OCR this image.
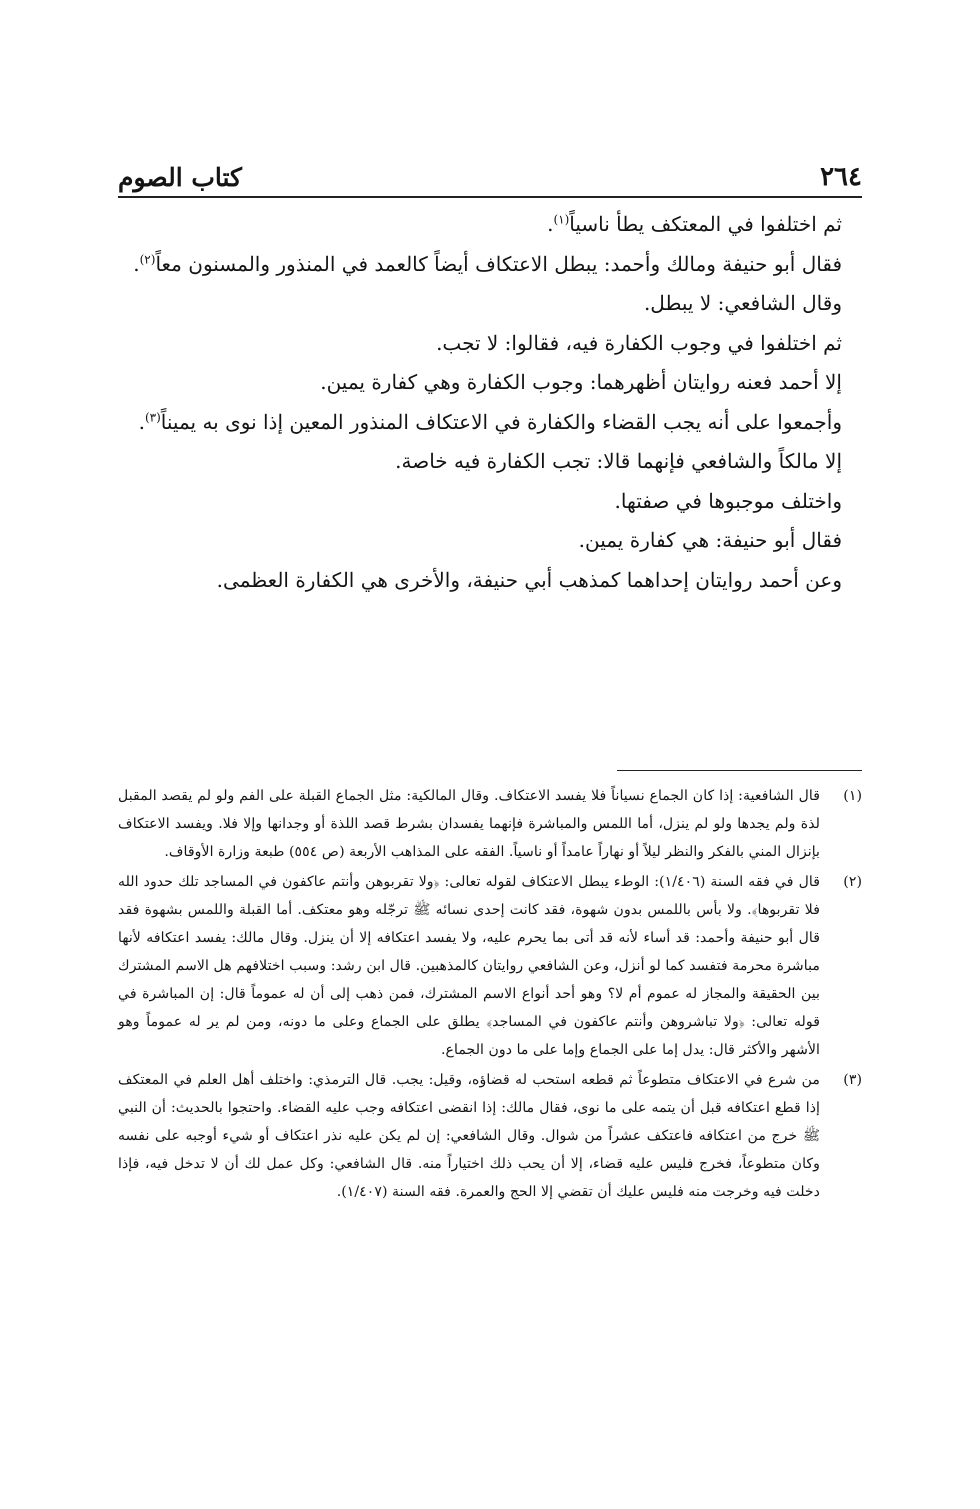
٢٦٤
كتاب الصوم

ثم اختلفوا في المعتكف يطأ ناسياً$^{(١)}$.

فقال أبو حنيفة ومالك وأحمد: يبطل الاعتكاف أيضاً كالعمد في المنذور والمسنون معاً$^{(٢)}$.

وقال الشافعي: لا يبطل.

ثم اختلفوا في وجوب الكفارة فيه، فقالوا: لا تجب.

إلا أحمد فعنه روايتان أظهرهما: وجوب الكفارة وهي كفارة يمين.

وأجمعوا على أنه يجب القضاء والكفارة في الاعتكاف المنذور المعين إذا نوى به يميناً$^{(٣)}$.

إلا مالكاً والشافعي فإنهما قالا: تجب الكفارة فيه خاصة.

واختلف موجبوها في صفتها.

فقال أبو حنيفة: هي كفارة يمين.

وعن أحمد روايتان إحداهما كمذهب أبي حنيفة، والأخرى هي الكفارة العظمى.

(١)

قال الشافعية: إذا كان الجماع نسياناً فلا يفسد الاعتكاف. وقال المالكية: مثل الجماع القبلة على الفم ولو لم يقصد المقبل لذة ولم يجدها ولو لم ينزل، أما اللمس والمباشرة فإنهما يفسدان بشرط قصد اللذة أو وجدانها وإلا فلا. ويفسد الاعتكاف بإنزال المني بالفكر والنظر ليلاً أو نهاراً عامداً أو ناسياً. الفقه على المذاهب الأربعة (ص ٥٥٤) طبعة وزارة الأوقاف.

(٢)

قال في فقه السنة (١/٤٠٦): الوطء يبطل الاعتكاف لقوله تعالى: ﴿ولا تقربوهن وأنتم عاكفون في المساجد تلك حدود الله فلا تقربوها﴾. ولا بأس باللمس بدون شهوة، فقد كانت إحدى نسائه ﷺ ترجّله وهو معتكف. أما القبلة واللمس بشهوة فقد قال أبو حنيفة وأحمد: قد أساء لأنه قد أتى بما يحرم عليه، ولا يفسد اعتكافه إلا أن ينزل. وقال مالك: يفسد اعتكافه لأنها مباشرة محرمة فتفسد كما لو أنزل، وعن الشافعي روايتان كالمذهبين. قال ابن رشد: وسبب اختلافهم هل الاسم المشترك بين الحقيقة والمجاز له عموم أم لا؟ وهو أحد أنواع الاسم المشترك، فمن ذهب إلى أن له عموماً قال: إن المباشرة في قوله تعالى: ﴿ولا تباشروهن وأنتم عاكفون في المساجد﴾ يطلق على الجماع وعلى ما دونه، ومن لم ير له عموماً وهو الأشهر والأكثر قال: يدل إما على الجماع وإما على ما دون الجماع.

(٣)

من شرع في الاعتكاف متطوعاً ثم قطعه استحب له قضاؤه، وقيل: يجب. قال الترمذي: واختلف أهل العلم في المعتكف إذا قطع اعتكافه قبل أن يتمه على ما نوى، فقال مالك: إذا انقضى اعتكافه وجب عليه القضاء. واحتجوا بالحديث: أن النبي ﷺ خرج من اعتكافه فاعتكف عشراً من شوال. وقال الشافعي: إن لم يكن عليه نذر اعتكاف أو شيء أوجبه على نفسه وكان متطوعاً، فخرج فليس عليه قضاء، إلا أن يحب ذلك اختياراً منه. قال الشافعي: وكل عمل لك أن لا تدخل فيه، فإذا دخلت فيه وخرجت منه فليس عليك أن تقضي إلا الحج والعمرة. فقه السنة (١/٤٠٧).
